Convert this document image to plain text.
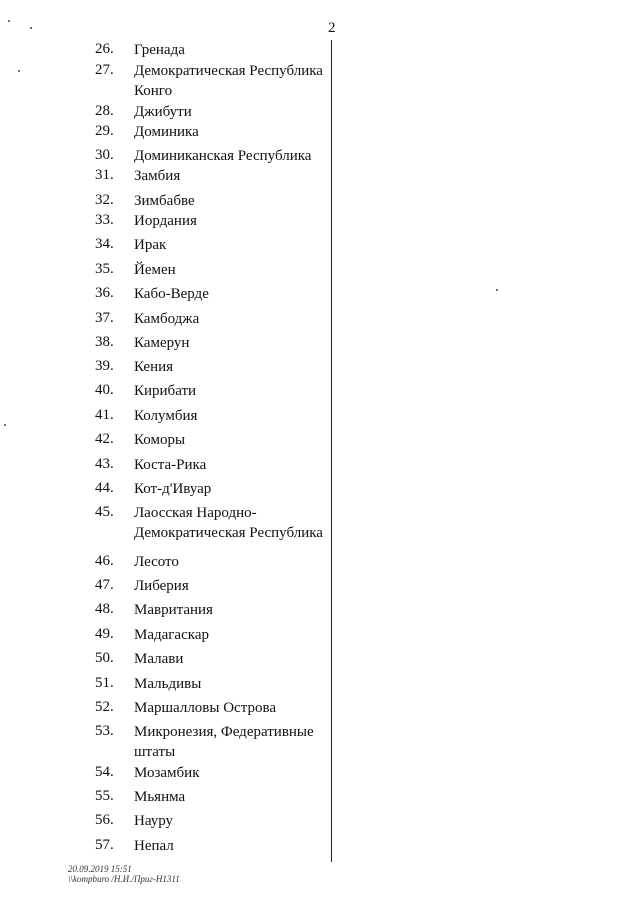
2
26.	Гренада
27.	Демократическая Республика Конго
28.	Джибути
29.	Доминика
30.	Доминиканская Республика
31.	Замбия
32.	Зимбабве
33.	Иордания
34.	Ирак
35.	Йемен
36.	Кабо-Верде
37.	Камбоджа
38.	Камерун
39.	Кения
40.	Кирибати
41.	Колумбия
42.	Коморы
43.	Коста-Рика
44.	Кот-д'Ивуар
45.	Лаосская Народно-Демократическая Республика
46.	Лесото
47.	Либерия
48.	Мавритания
49.	Мадагаскар
50.	Малави
51.	Мальдивы
52.	Маршалловы Острова
53.	Микронезия, Федеративные штаты
54.	Мозамбик
55.	Мьянма
56.	Науру
57.	Непал
20.09.2019 15:51
\\kompburo /Н.И./Приг-Н1311
